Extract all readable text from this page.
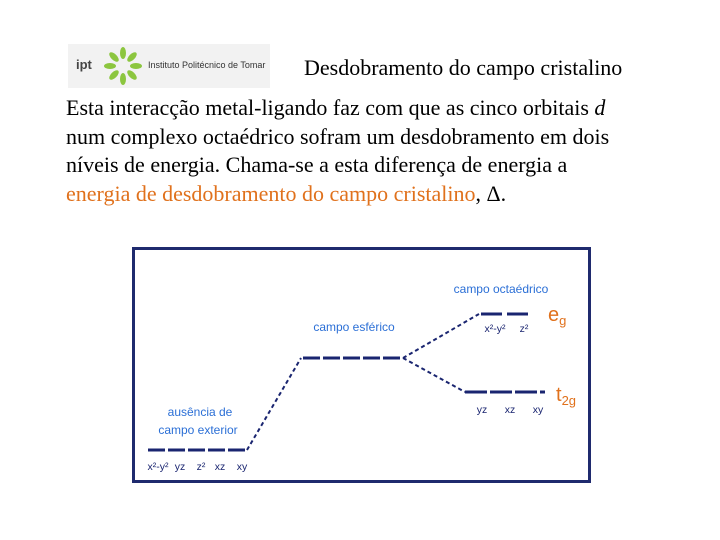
ipt	Instituto Politécnico de Tomar Desdobramento do campo cristalino
Esta interacção metal-ligando faz com que as cinco orbitais d
num complexo octaédrico sofram um desdobramento em dois
níveis de energia. Chama-se a esta diferença de energia a
energia de desdobramento do campo cristalino, Δ.
ausência de
campo exterior
campo esférico
campo octaédrico
x²-y² yz z² xz xy
x²-y² z²
yz xz xy
$e_g$
$t_{2g}$
